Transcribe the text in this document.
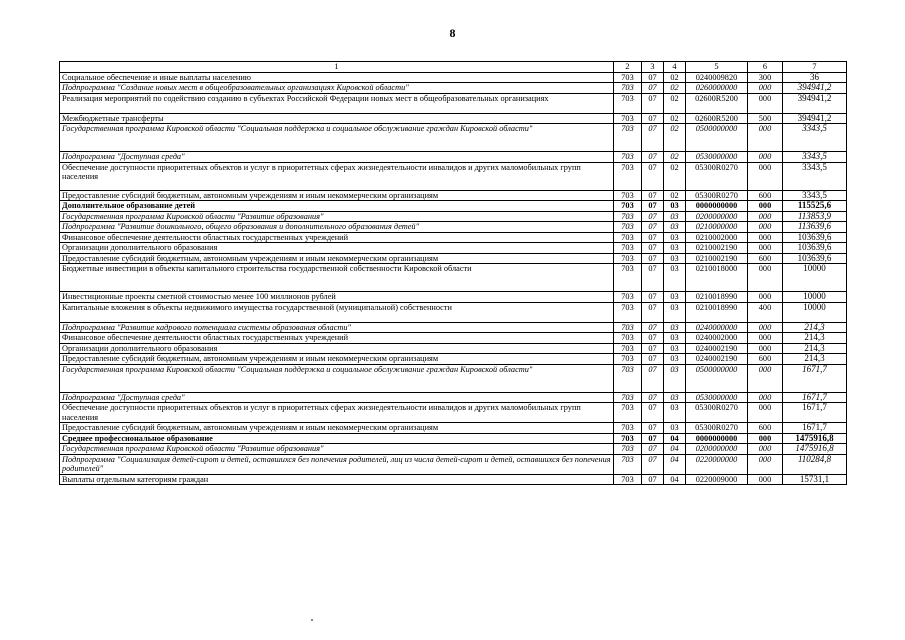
8
1	2	3	4	5	6	7
Социальное обеспечение и иные выплаты населению	703	07	02	0240009820	300	36
Подпрограмма "Создание новых мест в общеобразовательных организациях Кировской области"	703	07	02	0260000000	000	394941,2
Реализация мероприятий по содействию созданию в субъектах Российской Федерации новых мест в общеобразовательных организациях	703	07	02	02600R5200	000	394941,2
Межбюджетные трансферты	703	07	02	02600R5200	500	394941,2
Государственная программа Кировской области "Социальная поддержка и социальное обслуживание граждан Кировской области"	703	07	02	0500000000	000	3343,5
Подпрограмма "Доступная среда"	703	07	02	0530000000	000	3343,5
Обеспечение доступности приоритетных объектов и услуг в приоритетных сферах жизнедеятельности инвалидов и других маломобильных групп населения	703	07	02	05300R0270	000	3343,5
Предоставление субсидий бюджетным, автономным учреждениям и иным некоммерческим организациям	703	07	02	05300R0270	600	3343,5
Дополнительное образование детей	703	07	03	0000000000	000	115525,6
Государственная программа Кировской области "Развитие образования"	703	07	03	0200000000	000	113853,9
Подпрограмма "Развитие дошкольного, общего образования и дополнительного образования детей"	703	07	03	0210000000	000	113639,6
Финансовое обеспечение деятельности областных государственных учреждений	703	07	03	0210002000	000	103639,6
Организации дополнительного образования	703	07	03	0210002190	000	103639,6
Предоставление субсидий бюджетным, автономным учреждениям и иным некоммерческим организациям	703	07	03	0210002190	600	103639,6
Бюджетные инвестиции в объекты капитального строительства государственной собственности Кировской области	703	07	03	0210018000	000	10000
Инвестиционные проекты сметной стоимостью менее 100 миллионов рублей	703	07	03	0210018990	000	10000
Капитальные вложения в объекты недвижимого имущества государственной (муниципальной) собственности	703	07	03	0210018990	400	10000
Подпрограмма "Развитие кадрового потенциала системы образования области"	703	07	03	0240000000	000	214,3
Финансовое обеспечение деятельности областных государственных учреждений	703	07	03	0240002000	000	214,3
Организации дополнительного образования	703	07	03	0240002190	000	214,3
Предоставление субсидий бюджетным, автономным учреждениям и иным некоммерческим организациям	703	07	03	0240002190	600	214,3
Государственная программа Кировской области "Социальная поддержка и социальное обслуживание граждан Кировской области"	703	07	03	0500000000	000	1671,7
Подпрограмма "Доступная среда"	703	07	03	0530000000	000	1671,7
Обеспечение доступности приоритетных объектов и услуг в приоритетных сферах жизнедеятельности инвалидов и других маломобильных групп населения	703	07	03	05300R0270	000	1671,7
Предоставление субсидий бюджетным, автономным учреждениям и иным некоммерческим организациям	703	07	03	05300R0270	600	1671,7
Среднее профессиональное образование	703	07	04	0000000000	000	1475916,8
Государственная программа Кировской области "Развитие образования"	703	07	04	0200000000	000	1475916,8
Подпрограмма "Социализация детей-сирот и детей, оставшихся без попечения родителей, лиц из числа детей-сирот и детей, оставшихся без попечения родителей"	703	07	04	0220000000	000	110284,8
Выплаты отдельным категориям граждан	703	07	04	0220009000	000	15731,1
